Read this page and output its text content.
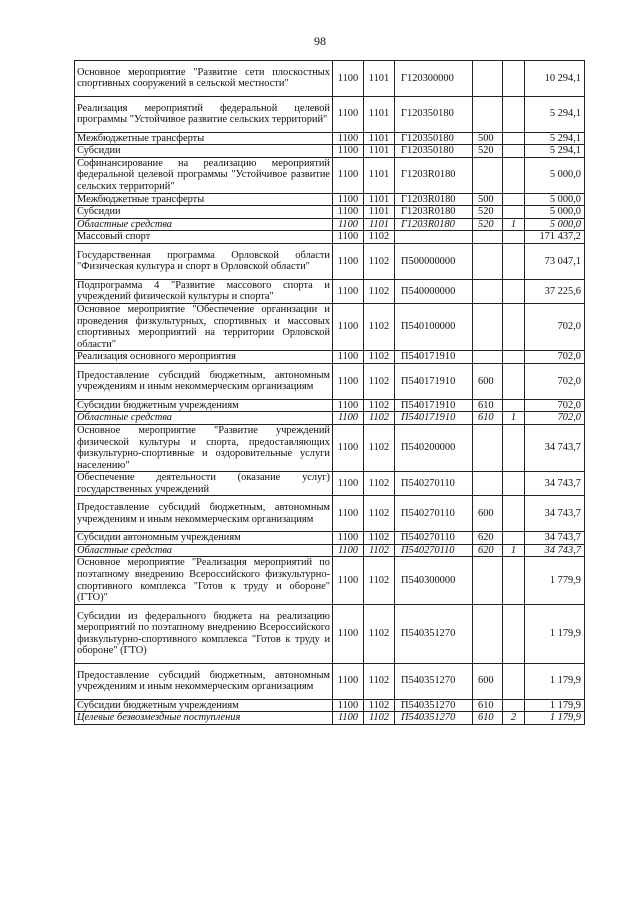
98
Основное мероприятие "Развитие сети плоскостных спортивных сооружений в сельской местности"	1100	1101	Г120300000			10 294,1
Реализация мероприятий федеральной целевой программы "Устойчивое развитие сельских территорий"	1100	1101	Г120350180			5 294,1
Межбюджетные трансферты	1100	1101	Г120350180	500		5 294,1
Субсидии	1100	1101	Г120350180	520		5 294,1
Софинансирование на реализацию мероприятий федеральной целевой программы "Устойчивое развитие сельских территорий"	1100	1101	Г1203R0180			5 000,0
Межбюджетные трансферты	1100	1101	Г1203R0180	500		5 000,0
Субсидии	1100	1101	Г1203R0180	520		5 000,0
Областные средства	1100	1101	Г1203R0180	520	1	5 000,0
Массовый спорт	1100	1102				171 437,2
Государственная программа Орловской области "Физическая культура и спорт в Орловской области"	1100	1102	П500000000			73 047,1
Подпрограмма 4 "Развитие массового спорта и учреждений физической культуры и спорта"	1100	1102	П540000000			37 225,6
Основное мероприятие "Обеспечение организации и проведения физкультурных, спортивных и массовых спортивных мероприятий на территории Орловской области"	1100	1102	П540100000			702,0
Реализация основного мероприятия	1100	1102	П540171910			702,0
Предоставление субсидий бюджетным, автономным учреждениям и иным некоммерческим организациям	1100	1102	П540171910	600		702,0
Субсидии бюджетным учреждениям	1100	1102	П540171910	610		702,0
Областные средства	1100	1102	П540171910	610	1	702,0
Основное мероприятие "Развитие учреждений физической культуры и спорта, предоставляющих физкультурно-спортивные и оздоровительные услуги населению"	1100	1102	П540200000			34 743,7
Обеспечение деятельности (оказание услуг) государственных учреждений	1100	1102	П540270110			34 743,7
Предоставление субсидий бюджетным, автономным учреждениям и иным некоммерческим организациям	1100	1102	П540270110	600		34 743,7
Субсидии автономным учреждениям	1100	1102	П540270110	620		34 743,7
Областные средства	1100	1102	П540270110	620	1	34 743,7
Основное мероприятие "Реализация мероприятий по поэтапному внедрению Всероссийского физкультурно-спортивного комплекса "Готов к труду и обороне" (ГТО)"	1100	1102	П540300000			1 779,9
Субсидии из федерального бюджета на реализацию мероприятий по поэтапному внедрению Всероссийского физкультурно-спортивного комплекса "Готов к труду и обороне" (ГТО)	1100	1102	П540351270			1 179,9
Предоставление субсидий бюджетным, автономным учреждениям и иным некоммерческим организациям	1100	1102	П540351270	600		1 179,9
Субсидии бюджетным учреждениям	1100	1102	П540351270	610		1 179,9
Целевые безвозмездные поступления	1100	1102	П540351270	610	2	1 179,9
